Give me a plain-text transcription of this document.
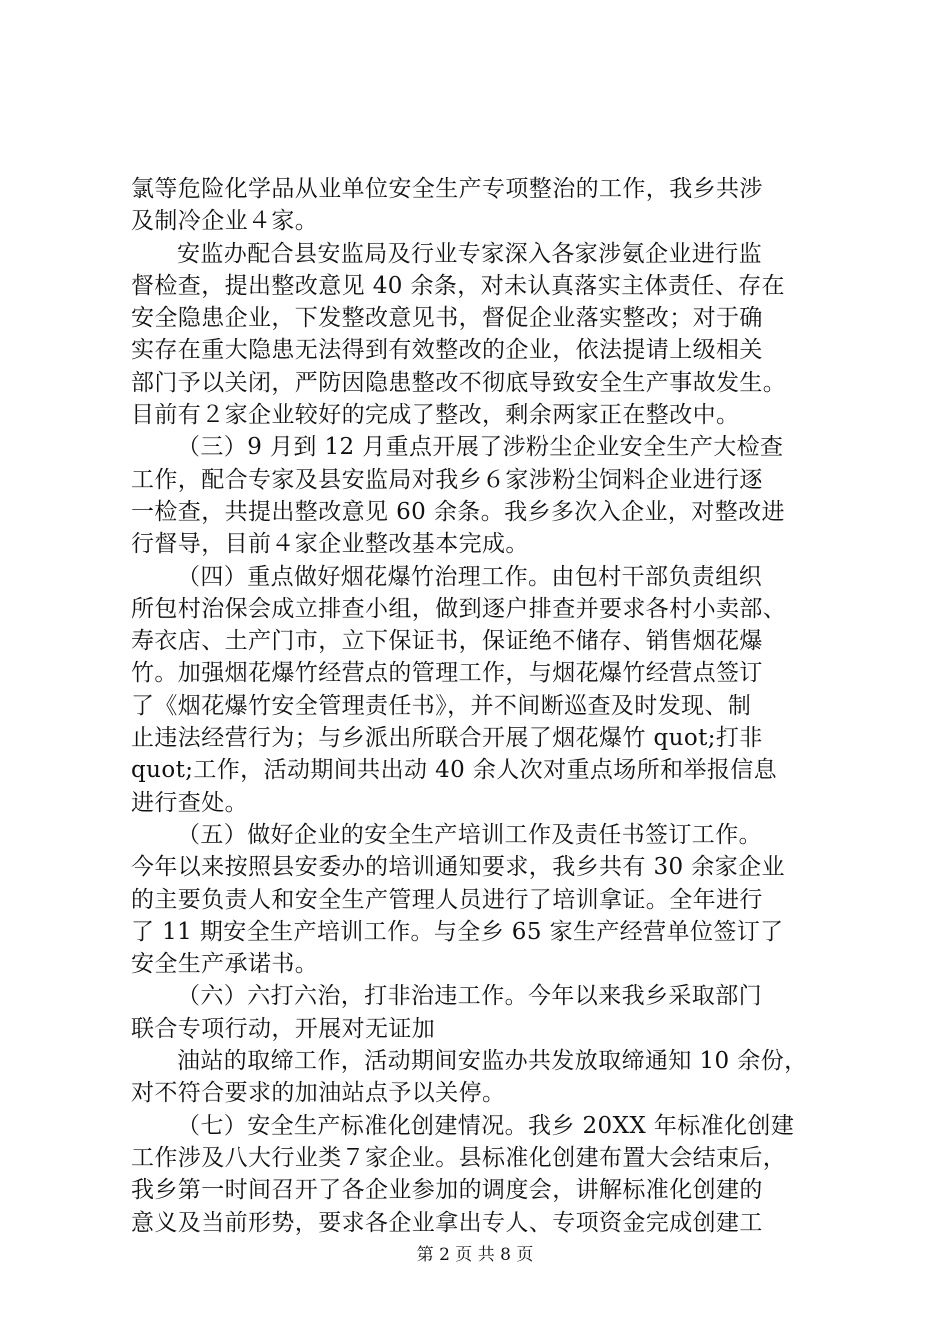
氯等危险化学品从业单位安全生产专项整治的工作，我乡共涉
及制冷企业４家。
安监办配合县安监局及行业专家深入各家涉氨企业进行监
督检查，提出整改意见 40 余条，对未认真落实主体责任、存在
安全隐患企业，下发整改意见书，督促企业落实整改；对于确
实存在重大隐患无法得到有效整改的企业，依法提请上级相关
部门予以关闭，严防因隐患整改不彻底导致安全生产事故发生。
目前有２家企业较好的完成了整改，剩余两家正在整改中。
（三）9 月到 12 月重点开展了涉粉尘企业安全生产大检查
工作，配合专家及县安监局对我乡６家涉粉尘饲料企业进行逐
一检查，共提出整改意见 60 余条。我乡多次入企业，对整改进
行督导，目前４家企业整改基本完成。
（四）重点做好烟花爆竹治理工作。由包村干部负责组织
所包村治保会成立排查小组，做到逐户排查并要求各村小卖部、
寿衣店、土产门市，立下保证书，保证绝不储存、销售烟花爆
竹。加强烟花爆竹经营点的管理工作，与烟花爆竹经营点签订
了《烟花爆竹安全管理责任书》，并不间断巡查及时发现、制
止违法经营行为；与乡派出所联合开展了烟花爆竹 quot;打非
quot;工作，活动期间共出动 40 余人次对重点场所和举报信息
进行查处。
（五）做好企业的安全生产培训工作及责任书签订工作。
今年以来按照县安委办的培训通知要求，我乡共有 30 余家企业
的主要负责人和安全生产管理人员进行了培训拿证。全年进行
了 11 期安全生产培训工作。与全乡 65 家生产经营单位签订了
安全生产承诺书。
（六）六打六治，打非治违工作。今年以来我乡采取部门
联合专项行动，开展对无证加
油站的取缔工作，活动期间安监办共发放取缔通知 10 余份，
对不符合要求的加油站点予以关停。
（七）安全生产标准化创建情况。我乡 20XX 年标准化创建
工作涉及八大行业类７家企业。县标准化创建布置大会结束后，
我乡第一时间召开了各企业参加的调度会，讲解标准化创建的
意义及当前形势，要求各企业拿出专人、专项资金完成创建工
第 2 页 共 8 页
